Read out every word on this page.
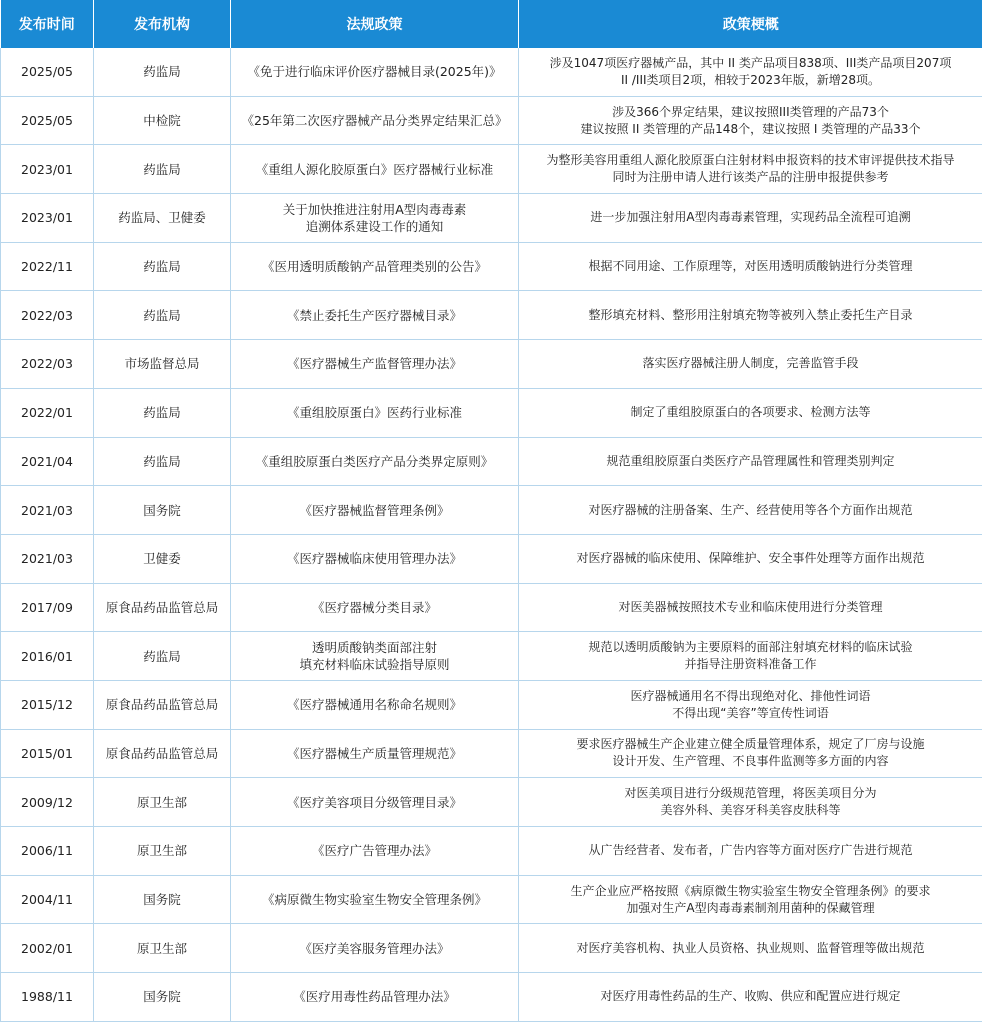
发布时间	发布机构	法规政策	政策梗概
2025/05	药监局	《免于进行临床评价医疗器械目录(2025年)》	涉及1047项医疗器械产品，其中 II 类产品项目838项、III类产品项目207项
II /III类项目2项，相较于2023年版，新增28项。
2025/05	中检院	《25年第二次医疗器械产品分类界定结果汇总》	涉及366个界定结果，建议按照III类管理的产品73个
建议按照 II 类管理的产品148个，建议按照 I 类管理的产品33个
2023/01	药监局	《重组人源化胶原蛋白》医疗器械行业标准	为整形美容用重组人源化胶原蛋白注射材料申报资料的技术审评提供技术指导
同时为注册申请人进行该类产品的注册申报提供参考
2023/01	药监局、卫健委	关于加快推进注射用A型肉毒毒素
追溯体系建设工作的通知	进一步加强注射用A型肉毒毒素管理，实现药品全流程可追溯
2022/11	药监局	《医用透明质酸钠产品管理类别的公告》	根据不同用途、工作原理等，对医用透明质酸钠进行分类管理
2022/03	药监局	《禁止委托生产医疗器械目录》	整形填充材料、整形用注射填充物等被列入禁止委托生产目录
2022/03	市场监督总局	《医疗器械生产监督管理办法》	落实医疗器械注册人制度，完善监管手段
2022/01	药监局	《重组胶原蛋白》医药行业标准	制定了重组胶原蛋白的各项要求、检测方法等
2021/04	药监局	《重组胶原蛋白类医疗产品分类界定原则》	规范重组胶原蛋白类医疗产品管理属性和管理类别判定
2021/03	国务院	《医疗器械监督管理条例》	对医疗器械的注册备案、生产、经营使用等各个方面作出规范
2021/03	卫健委	《医疗器械临床使用管理办法》	对医疗器械的临床使用、保障维护、安全事件处理等方面作出规范
2017/09	原食品药品监管总局	《医疗器械分类目录》	对医美器械按照技术专业和临床使用进行分类管理
2016/01	药监局	透明质酸钠类面部注射
填充材料临床试验指导原则	规范以透明质酸钠为主要原料的面部注射填充材料的临床试验
并指导注册资料准备工作
2015/12	原食品药品监管总局	《医疗器械通用名称命名规则》	医疗器械通用名不得出现绝对化、排他性词语
不得出现“美容”等宣传性词语
2015/01	原食品药品监管总局	《医疗器械生产质量管理规范》	要求医疗器械生产企业建立健全质量管理体系，规定了厂房与设施
设计开发、生产管理、不良事件监测等多方面的内容
2009/12	原卫生部	《医疗美容项目分级管理目录》	对医美项目进行分级规范管理，将医美项目分为
美容外科、美容牙科美容皮肤科等
2006/11	原卫生部	《医疗广告管理办法》	从广告经营者、发布者，广告内容等方面对医疗广告进行规范
2004/11	国务院	《病原微生物实验室生物安全管理条例》	生产企业应严格按照《病原微生物实验室生物安全管理条例》的要求
加强对生产A型肉毒毒素制剂用菌种的保藏管理
2002/01	原卫生部	《医疗美容服务管理办法》	对医疗美容机构、执业人员资格、执业规则、监督管理等做出规范
1988/11	国务院	《医疗用毒性药品管理办法》	对医疗用毒性药品的生产、收购、供应和配置应进行规定
